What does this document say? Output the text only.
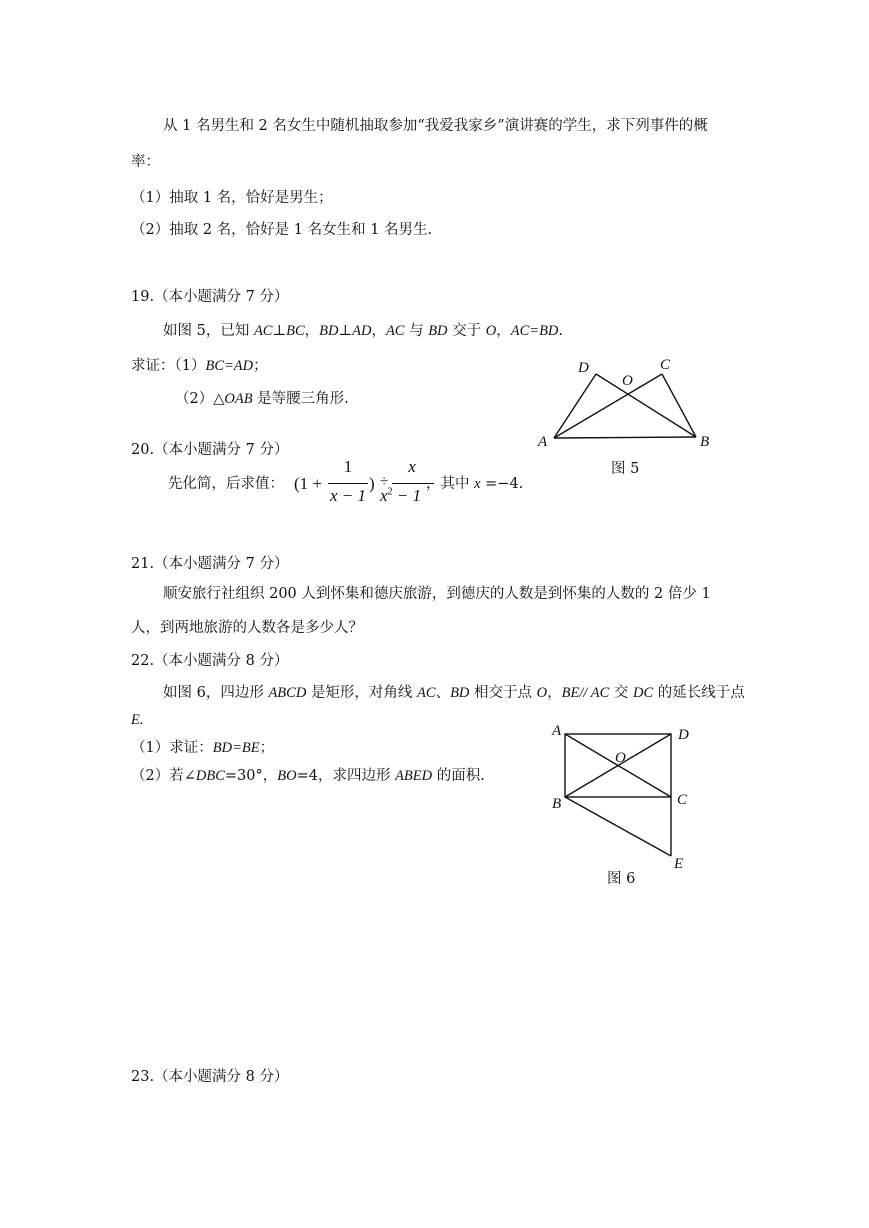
从 1 名男生和 2 名女生中随机抽取参加“我爱我家乡”演讲赛的学生，求下列事件的概
率：
（1）抽取 1 名，恰好是男生；
（2）抽取 2 名，恰好是 1 名女生和 1 名男生.
19.（本小题满分 7 分）
如图 5，已知 AC⊥BC，BD⊥AD，AC 与 BD 交于 O，AC=BD.
求证：（1）BC=AD；
（2）△OAB 是等腰三角形.
A	B
C
D
O
图 5
20.（本小题满分 7 分）
先化简，后求值： (1 +
1
x − 1
) ÷
x
$x^2 - 1$
，其中 x =−4.
21.（本小题满分 7 分）
顺安旅行社组织 200 人到怀集和德庆旅游，到德庆的人数是到怀集的人数的 2 倍少 1
人，到两地旅游的人数各是多少人？
22.（本小题满分 8 分）
如图 6，四边形 ABCD 是矩形，对角线 AC、BD 相交于点 O，BE// AC 交 DC 的延长线于点
E.
（1）求证：BD=BE；
（2）若∠DBC=30°，BO=4，求四边形 ABED 的面积.
A	D
B	C
E
O
图 6
23.（本小题满分 8 分）
